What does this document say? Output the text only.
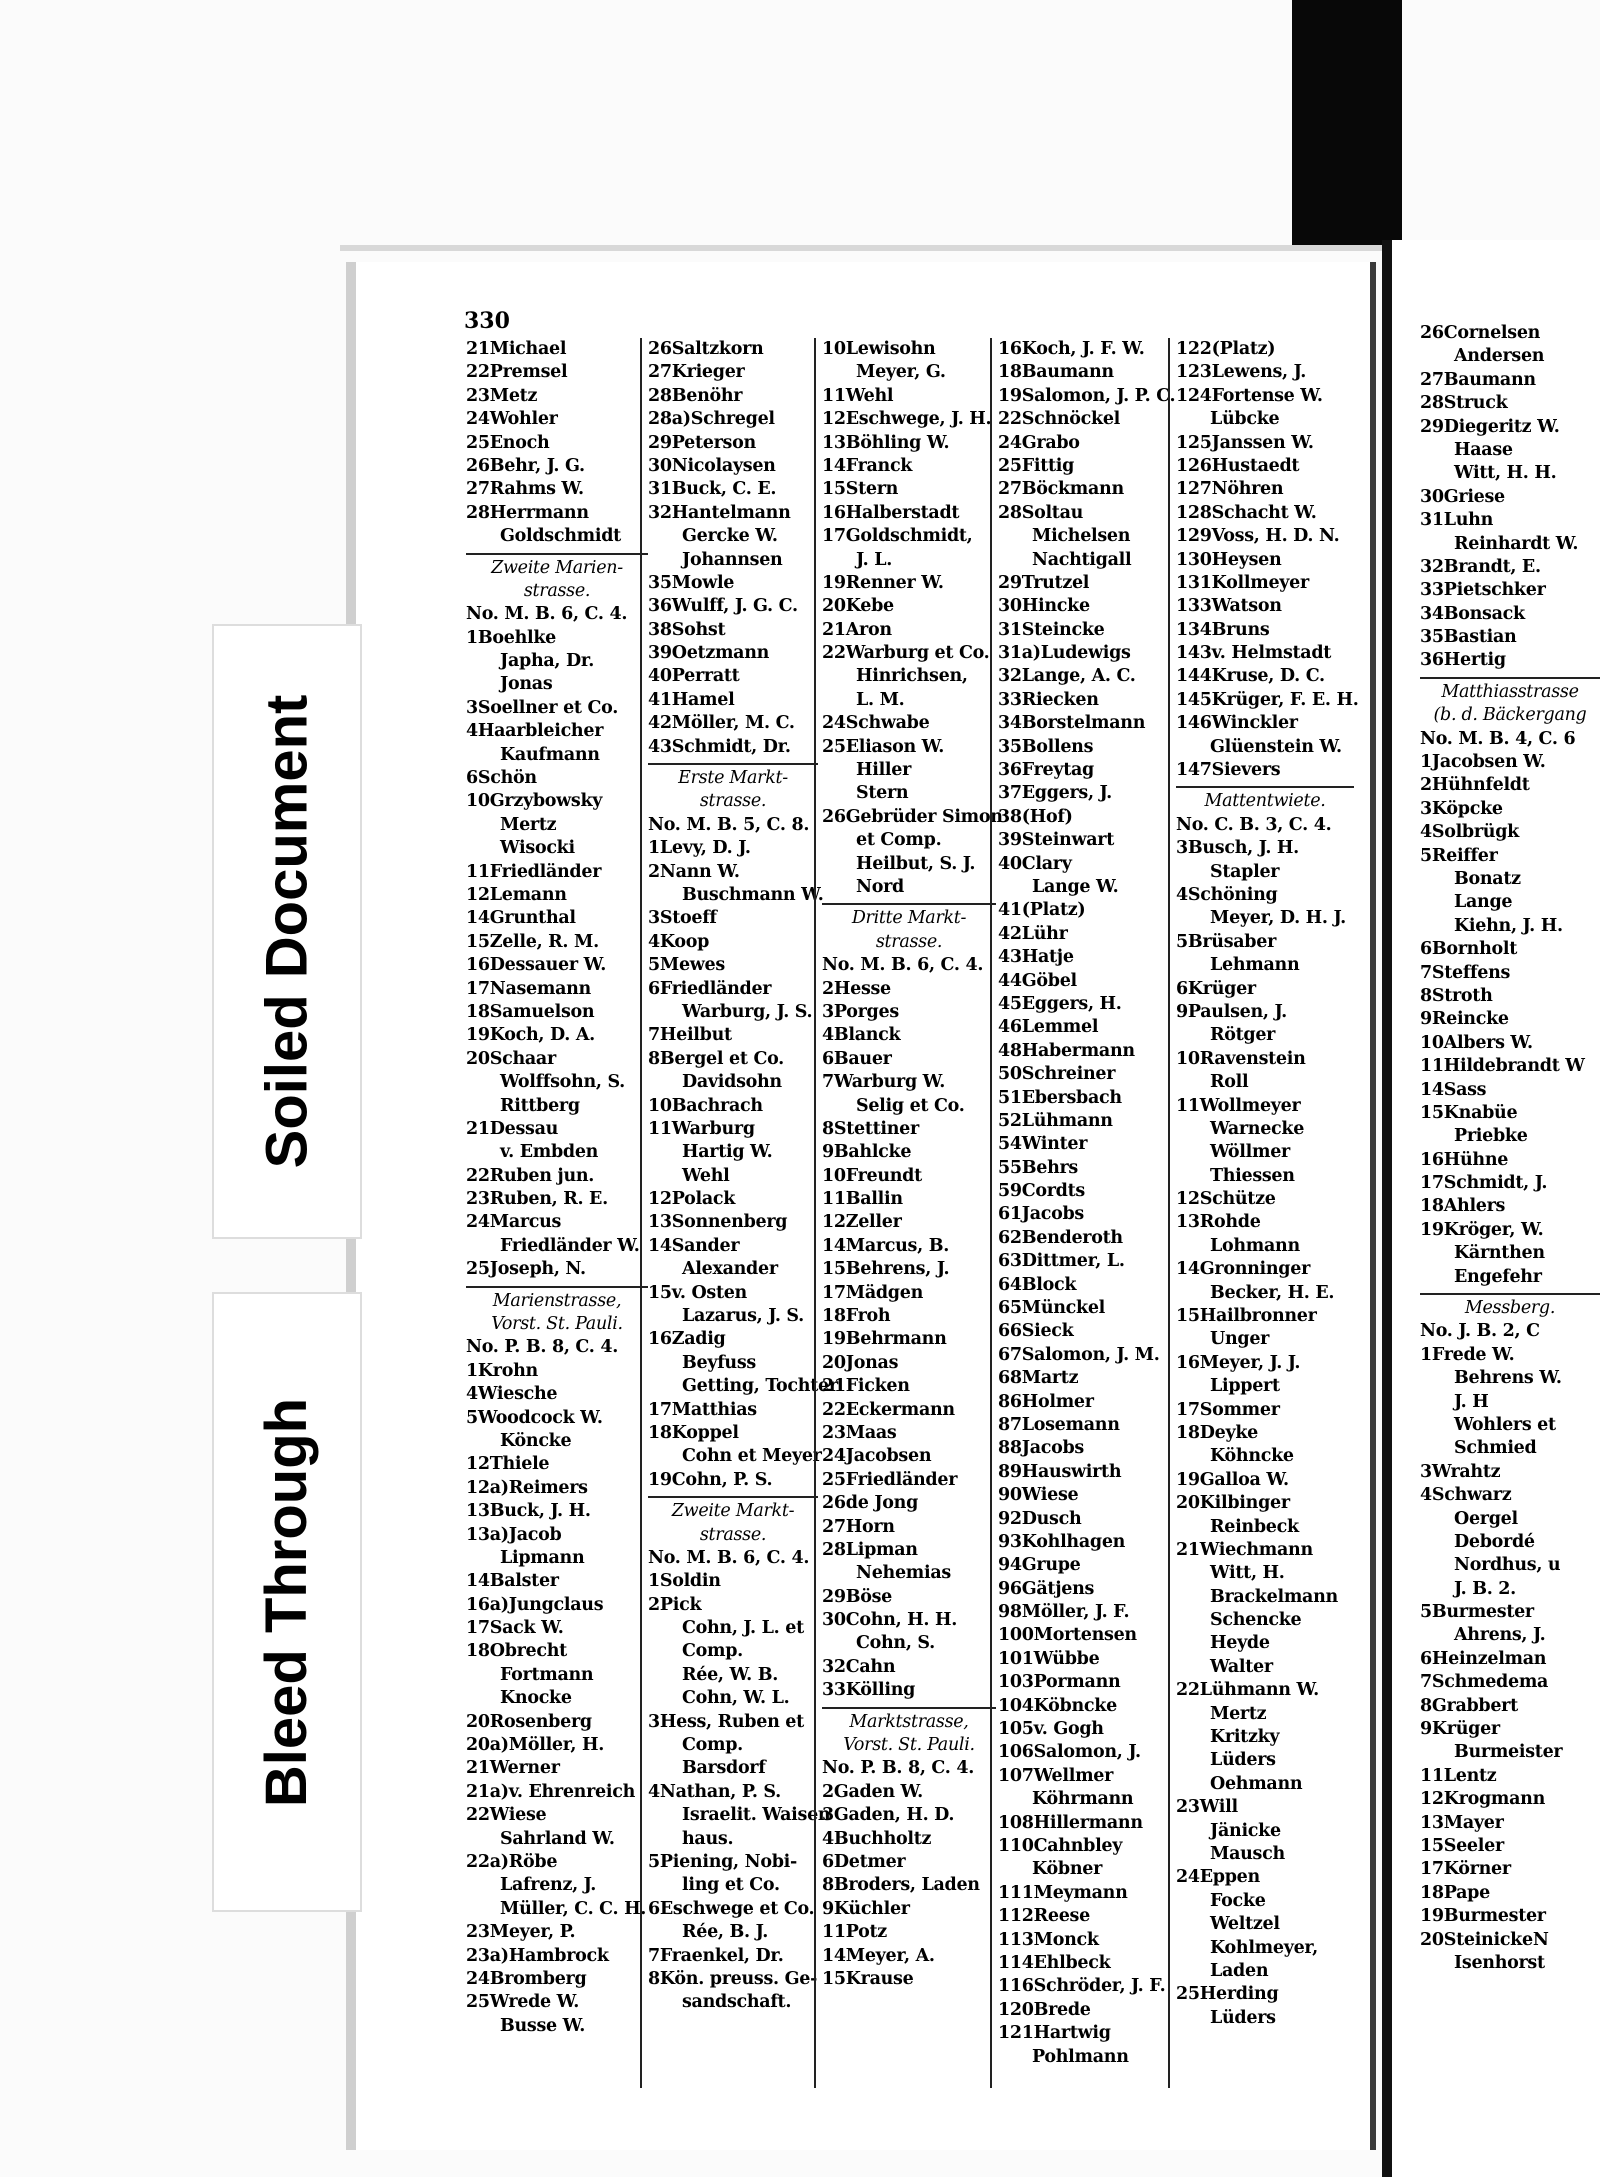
330
21Michael
22Premsel
23Metz
24Wohler
25Enoch
26Behr, J. G.
27Rahms W.
28Herrmann
Goldschmidt
Zweite Marien-
strasse.
No. M. B. 6, C. 4.
1Boehlke
Japha, Dr.
Jonas
3Soellner et Co.
4Haarbleicher
Kaufmann
6Schön
10Grzybowsky
Mertz
Wisocki
11Friedländer
12Lemann
14Grunthal
15Zelle, R. M.
16Dessauer W.
17Nasemann
18Samuelson
19Koch, D. A.
20Schaar
Wolffsohn, S.
Rittberg
21Dessau
v. Embden
22Ruben jun.
23Ruben, R. E.
24Marcus
Friedländer W.
25Joseph, N.
Marienstrasse,
Vorst. St. Pauli.
No. P. B. 8, C. 4.
1Krohn
4Wiesche
5Woodcock W.
Köncke
12Thiele
12a)Reimers
13Buck, J. H.
13a)Jacob
Lipmann
14Balster
16a)Jungclaus
17Sack W.
18Obrecht
Fortmann
Knocke
20Rosenberg
20a)Möller, H.
21Werner
21a)v. Ehrenreich
22Wiese
Sahrland W.
22a)Röbe
Lafrenz, J.
Müller, C. C. H.
23Meyer, P.
23a)Hambrock
24Bromberg
25Wrede W.
Busse W.
26Saltzkorn
27Krieger
28Benöhr
28a)Schregel
29Peterson
30Nicolaysen
31Buck, C. E.
32Hantelmann
Gercke W.
Johannsen
35Mowle
36Wulff, J. G. C.
38Sohst
39Oetzmann
40Perratt
41Hamel
42Möller, M. C.
43Schmidt, Dr.
Erste Markt-
strasse.
No. M. B. 5, C. 8.
1Levy, D. J.
2Nann W.
Buschmann W.
3Stoeff
4Koop
5Mewes
6Friedländer
Warburg, J. S.
7Heilbut
8Bergel et Co.
Davidsohn
10Bachrach
11Warburg
Hartig W.
Wehl
12Polack
13Sonnenberg
14Sander
Alexander
15v. Osten
Lazarus, J. S.
16Zadig
Beyfuss
Getting, Tochter
17Matthias
18Koppel
Cohn et Meyer
19Cohn, P. S.
Zweite Markt-
strasse.
No. M. B. 6, C. 4.
1Soldin
2Pick
Cohn, J. L. et
Comp.
Rée, W. B.
Cohn, W. L.
3Hess, Ruben et
Comp.
Barsdorf
4Nathan, P. S.
Israelit. Waisen
haus.
5Piening, Nobi-
ling et Co.
6Eschwege et Co.
Rée, B. J.
7Fraenkel, Dr.
8Kön. preuss. Ge-
sandschaft.
10Lewisohn
Meyer, G.
11Wehl
12Eschwege, J. H.
13Böhling W.
14Franck
15Stern
16Halberstadt
17Goldschmidt,
J. L.
19Renner W.
20Kebe
21Aron
22Warburg et Co.
Hinrichsen,
L. M.
24Schwabe
25Eliason W.
Hiller
Stern
26Gebrüder Simon
et Comp.
Heilbut, S. J.
Nord
Dritte Markt-
strasse.
No. M. B. 6, C. 4.
2Hesse
3Porges
4Blanck
6Bauer
7Warburg W.
Selig et Co.
8Stettiner
9Bahlcke
10Freundt
11Ballin
12Zeller
14Marcus, B.
15Behrens, J.
17Mädgen
18Froh
19Behrmann
20Jonas
21Ficken
22Eckermann
23Maas
24Jacobsen
25Friedländer
26de Jong
27Horn
28Lipman
Nehemias
29Böse
30Cohn, H. H.
Cohn, S.
32Cahn
33Kölling
Marktstrasse,
Vorst. St. Pauli.
No. P. B. 8, C. 4.
2Gaden W.
3Gaden, H. D.
4Buchholtz
6Detmer
8Broders, Laden
9Küchler
11Potz
14Meyer, A.
15Krause
16Koch, J. F. W.
18Baumann
19Salomon, J. P. C.
22Schnöckel
24Grabo
25Fittig
27Böckmann
28Soltau
Michelsen
Nachtigall
29Trutzel
30Hincke
31Steincke
31a)Ludewigs
32Lange, A. C.
33Riecken
34Borstelmann
35Bollens
36Freytag
37Eggers, J.
38(Hof)
39Steinwart
40Clary
Lange W.
41(Platz)
42Lühr
43Hatje
44Göbel
45Eggers, H.
46Lemmel
48Habermann
50Schreiner
51Ebersbach
52Lühmann
54Winter
55Behrs
59Cordts
61Jacobs
62Benderoth
63Dittmer, L.
64Block
65Münckel
66Sieck
67Salomon, J. M.
68Martz
86Holmer
87Losemann
88Jacobs
89Hauswirth
90Wiese
92Dusch
93Kohlhagen
94Grupe
96Gätjens
98Möller, J. F.
100Mortensen
101Wübbe
103Pormann
104Köbncke
105v. Gogh
106Salomon, J.
107Wellmer
Köhrmann
108Hillermann
110Cahnbley
Köbner
111Meymann
112Reese
113Monck
114Ehlbeck
116Schröder, J. F.
120Brede
121Hartwig
Pohlmann
122(Platz)
123Lewens, J.
124Fortense W.
Lübcke
125Janssen W.
126Hustaedt
127Nöhren
128Schacht W.
129Voss, H. D. N.
130Heysen
131Kollmeyer
133Watson
134Bruns
143v. Helmstadt
144Kruse, D. C.
145Krüger, F. E. H.
146Winckler
Glüenstein W.
147Sievers
Mattentwiete.
No. C. B. 3, C. 4.
3Busch, J. H.
Stapler
4Schöning
Meyer, D. H. J.
5Brüsaber
Lehmann
6Krüger
9Paulsen, J.
Rötger
10Ravenstein
Roll
11Wollmeyer
Warnecke
Wöllmer
Thiessen
12Schütze
13Rohde
Lohmann
14Gronninger
Becker, H. E.
15Hailbronner
Unger
16Meyer, J. J.
Lippert
17Sommer
18Deyke
Köhncke
19Galloa W.
20Kilbinger
Reinbeck
21Wiechmann
Witt, H.
Brackelmann
Schencke
Heyde
Walter
22Lühmann W.
Mertz
Kritzky
Lüders
Oehmann
23Will
Jänicke
Mausch
24Eppen
Focke
Weltzel
Kohlmeyer,
Laden
25Herding
Lüders
26Cornelsen
Andersen
27Baumann
28Struck
29Diegeritz W.
Haase
Witt, H. H.
30Griese
31Luhn
Reinhardt W.
32Brandt, E.
33Pietschker
34Bonsack
35Bastian
36Hertig
Matthiasstrasse
(b. d. Bäckergang
No. M. B. 4, C. 6
1Jacobsen W.
2Hühnfeldt
3Köpcke
4Solbrügk
5Reiffer
Bonatz
Lange
Kiehn, J. H.
6Bornholt
7Steffens
8Stroth
9Reincke
10Albers W.
11Hildebrandt W
14Sass
15Knabüe
Priebke
16Hühne
17Schmidt, J.
18Ahlers
19Kröger, W.
Kärnthen
Engefehr
Messberg.
No. J. B. 2, C
1Frede W.
Behrens W.
J. H
Wohlers et
Schmied
3Wrahtz
4Schwarz
Oergel
Debordé
Nordhus, u
J. B. 2.
5Burmester
Ahrens, J.
6Heinzelman
7Schmedema
8Grabbert
9Krüger
Burmeister
11Lentz
12Krogmann
13Mayer
15Seeler
17Körner
18Pape
19Burmester
20SteinickeN
Isenhorst
Soiled Document
Bleed Through
